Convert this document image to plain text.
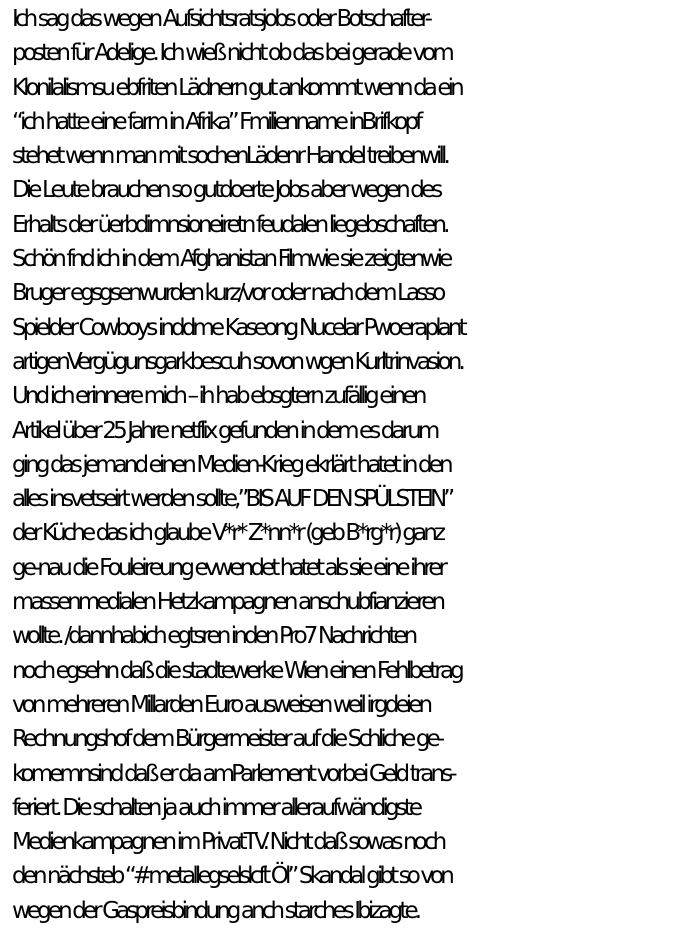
Ich sag das wegen Aufsichtsratsjobs oder Botschafter-
posten für Adelige. Ich wieß nicht ob das bei gerade vom
Klonilalismsu ebfriten Lädnern gut ankommt wenn da ein
“ich hatte eine farm in Afrika” Fmilienname inBrifkopf
stehet wenn man mit sochenLädenr Handel treibenwill.
Die Leute brauchen so gutdoerte Jobs aber wegen des
Erhalts der üerbdimnsioneiretn feudalen liegebschaften.
Schön fnd ich in dem Afghanistan Filmwie sie zeigtenwie
Bruger egsgsenwurden kurz/vor oder nach dem Lasso
Spielder Cowboys inddme Kaseong Nucelar Pwoeraplant
artigenVergügunsgarkbescuh sovon wgen Kurltrinvasion.
Und ich erinnere mich – ih hab ebsgtern zufällig einen
Artikel über 25 Jahre netflix gefunden in dem es darum
ging das jemand einen Medien-Krieg ekrlärt hatet in den
alles insvetseirt werden sollte,”BIS AUF DEN SPÜLSTEIN”
der Küche das ich glaube V*r* Z*nn*r (geb B*rg*r) ganz
ge-nau die Fouleireung evwendet hatet als sie eine ihrer
massenmedialen Hetzkampagnen anschubfianzieren
wollte. /dannhabich egtsren inden Pro7 Nachrichten
noch egsehn daß die stadtewerke Wien einen Fehlbetrag
von mehreren Millarden Euro ausweisen weil irgdeien
Rechnungshof dem Bürgermeister auf die Schliche ge-
komemnsind daß er da amParlement vorbei Geld trans-
feriert. Die schalten ja auch immer alleraufwändigste
Medienkampagnen im PrivatTV. Nicht daß sowas noch
den nächsteb “#metallegselslcft Öl” Skandal gibt so von
wegen der Gaspreisbindung anch starches Ibizagte.
